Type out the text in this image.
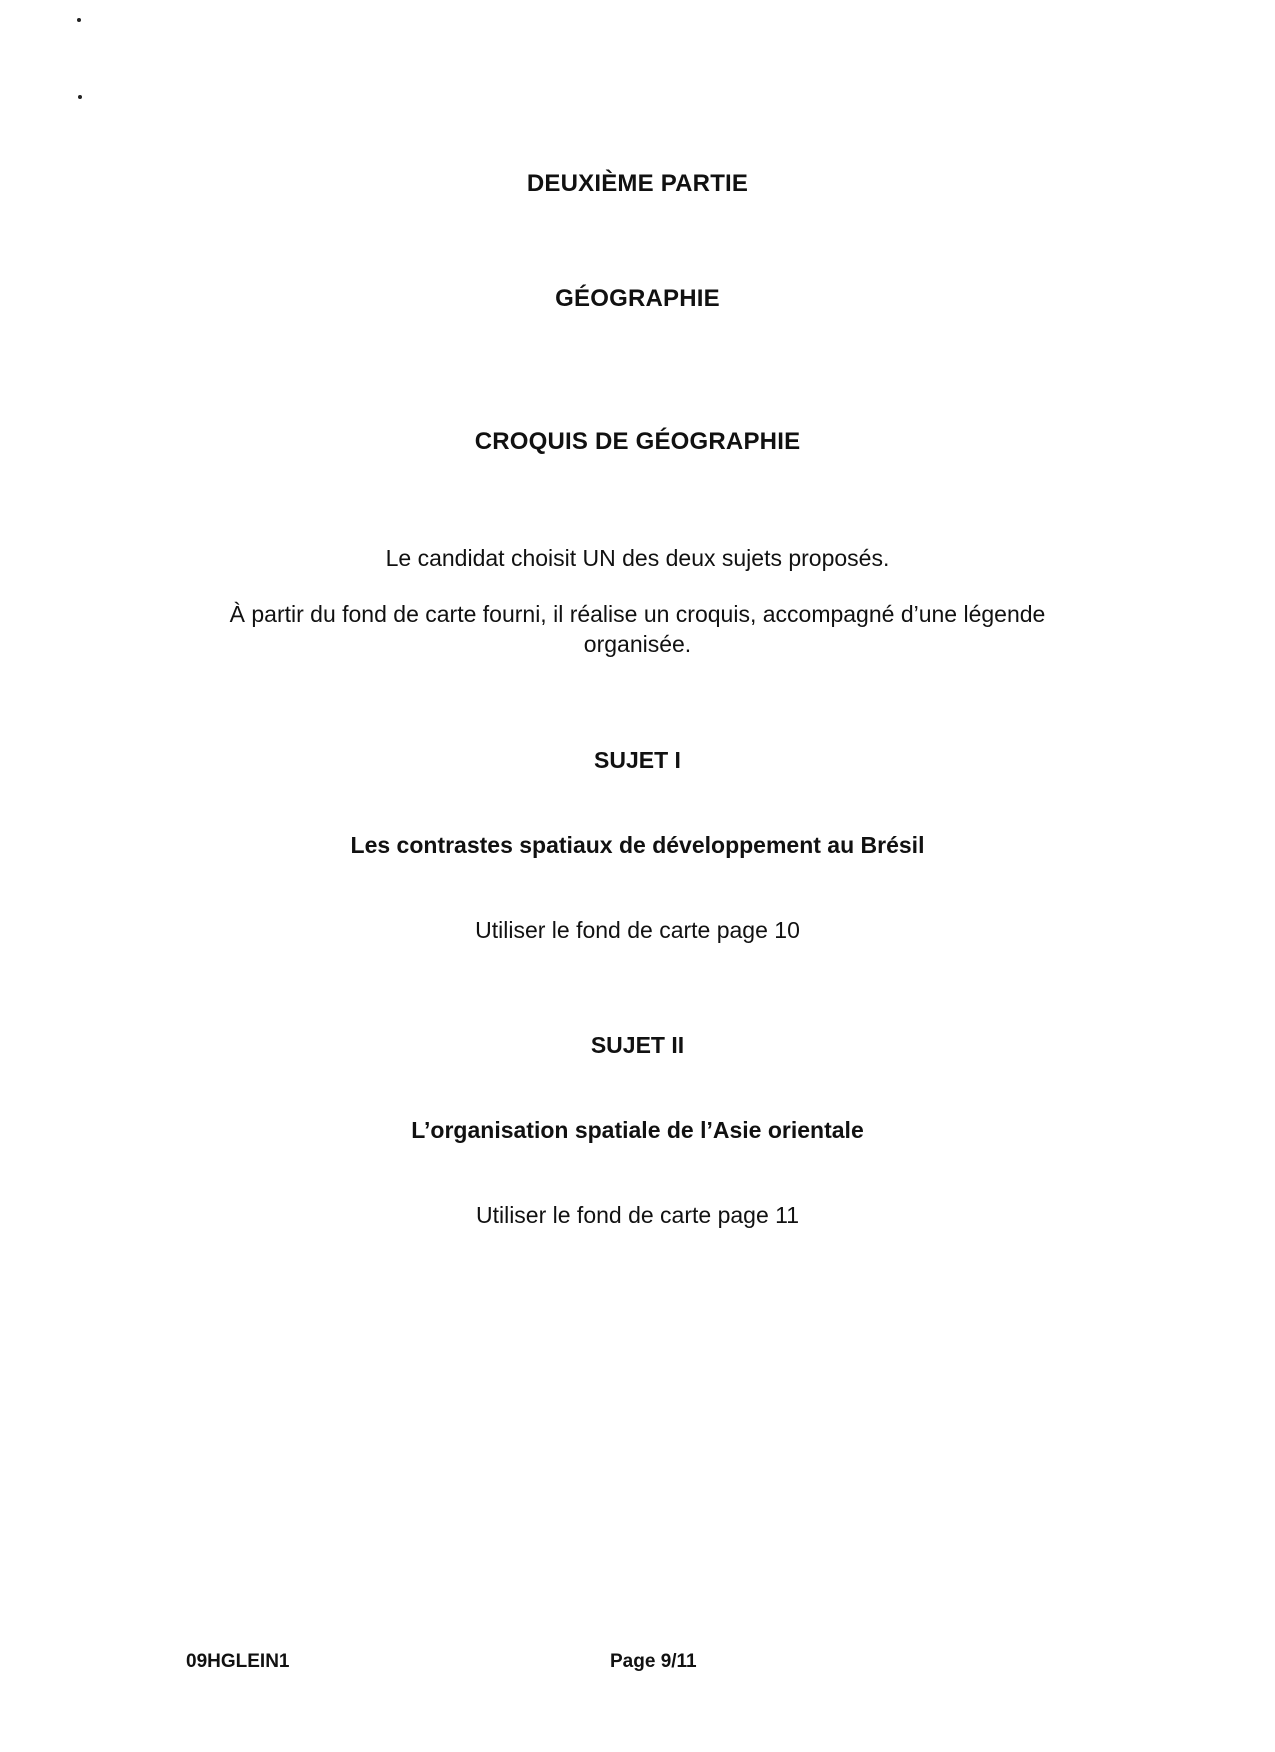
DEUXIÈME PARTIE
GÉOGRAPHIE
CROQUIS DE GÉOGRAPHIE
Le candidat choisit UN des deux sujets proposés.
À partir du fond de carte fourni, il réalise un croquis, accompagné d’une légende organisée.
SUJET I
Les contrastes spatiaux de développement au Brésil
Utiliser le fond de carte page 10
SUJET II
L’organisation spatiale de l’Asie orientale
Utiliser le fond de carte page 11
09HGLEIN1	Page 9/11
